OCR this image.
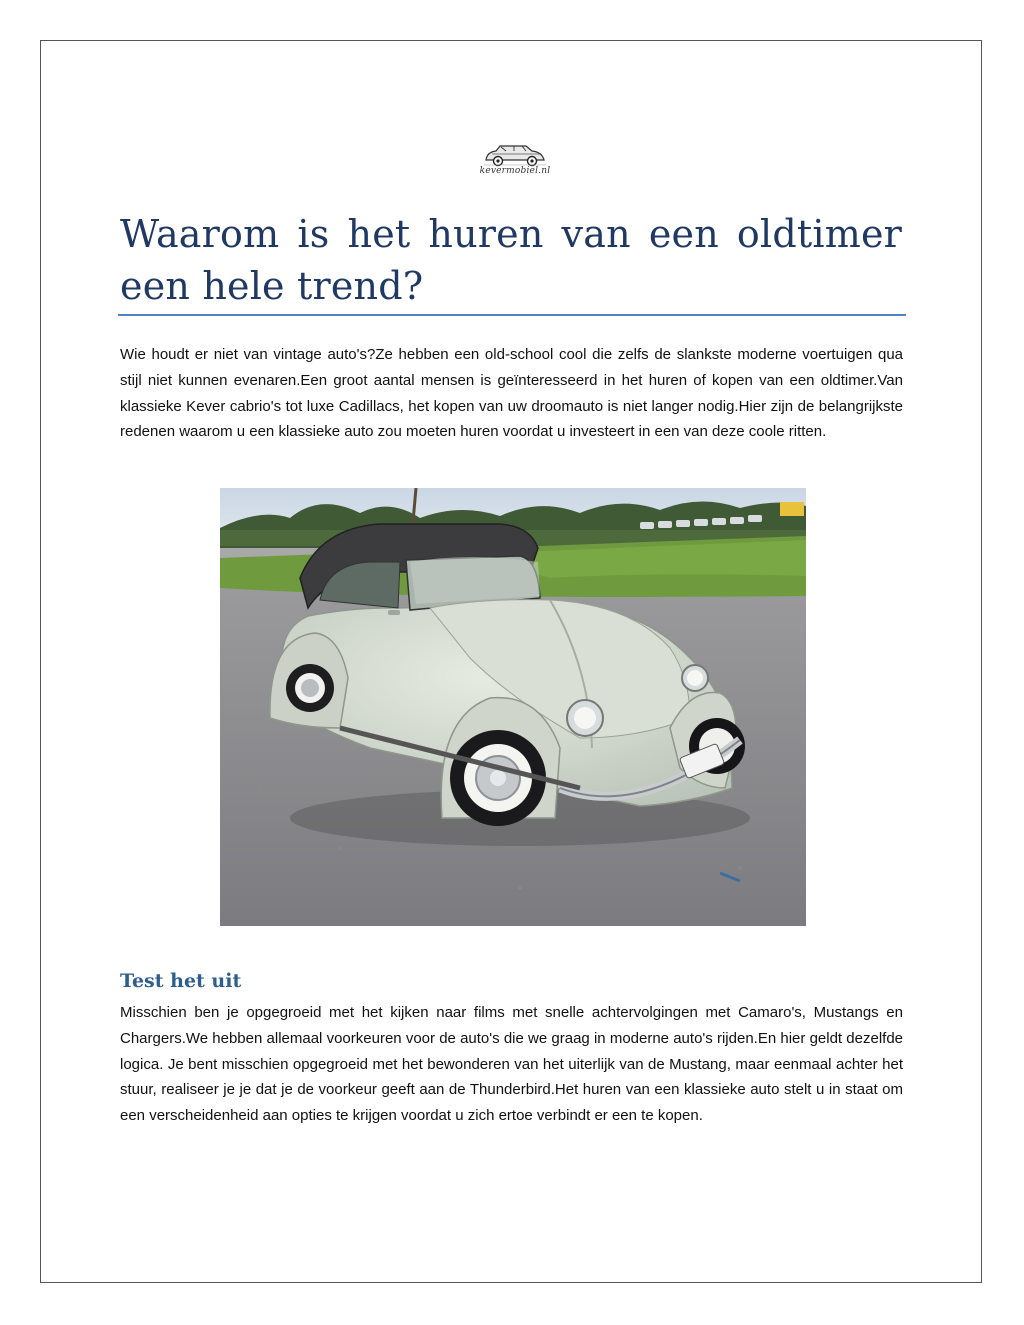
kevermobiel.nl
Waarom is het huren van een oldtimer een hele trend?

Wie houdt er niet van vintage auto's?Ze hebben een old-school cool die zelfs de slankste moderne voertuigen qua stijl niet kunnen evenaren.Een groot aantal mensen is geïnteresseerd in het huren of kopen van een oldtimer.Van klassieke Kever cabrio's tot luxe Cadillacs, het kopen van uw droomauto is niet langer nodig.Hier zijn de belangrijkste redenen waarom u een klassieke auto zou moeten huren voordat u investeert in een van deze coole ritten.

Test het uit

Misschien ben je opgegroeid met het kijken naar films met snelle achtervolgingen met Camaro's, Mustangs en Chargers.We hebben allemaal voorkeuren voor de auto's die we graag in moderne auto's rijden.En hier geldt dezelfde logica. Je bent misschien opgegroeid met het bewonderen van het uiterlijk van de Mustang, maar eenmaal achter het stuur, realiseer je je dat je de voorkeur geeft aan de Thunderbird.Het huren van een klassieke auto stelt u in staat om een verscheidenheid aan opties te krijgen voordat u zich ertoe verbindt er een te kopen.
